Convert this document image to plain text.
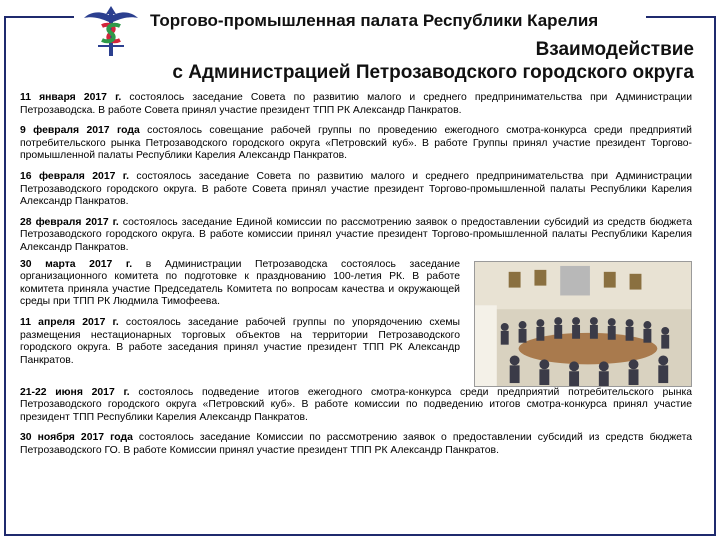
Торгово-промышленная палата Республики Карелия
Взаимодействие
с Администрацией Петрозаводского городского округа

11 января 2017 г. состоялось заседание Совета по развитию малого и среднего предпринимательства при Администрации Петрозаводска. В работе Совета принял участие президент ТПП РК Александр Панкратов.

9 февраля 2017 года состоялось совещание рабочей группы по проведению ежегодного смотра-конкурса среди предприятий потребительского рынка Петрозаводского городского округа «Петровский куб». В работе Группы принял участие президент Торгово-промышленной палаты Республики Карелия Александр Панкратов.

16 февраля 2017 г. состоялось заседание Совета по развитию малого и среднего предпринимательства при Администрации Петрозаводского городского округа. В работе Совета принял участие президент Торгово-промышленной палаты Республики Карелия Александр Панкратов.

28 февраля 2017 г. состоялось заседание Единой комиссии по рассмотрению заявок о предоставлении субсидий из средств бюджета Петрозаводского городского округа. В работе комиссии принял участие президент Торгово-промышленной палаты Республики Карелия Александр Панкратов.

30 марта 2017 г. в Администрации Петрозаводска состоялось заседание организационного комитета по подготовке к празднованию 100-летия РК. В работе комитета приняла участие Председатель Комитета по вопросам качества и окружающей среды при ТПП РК Людмила Тимофеева.

11 апреля 2017 г. состоялось заседание рабочей группы по упорядочению схемы размещения нестационарных торговых объектов на территории Петрозаводского городского округа. В работе заседания принял участие президент ТПП РК Александр Панкратов.

21-22 июня 2017 г. состоялось подведение итогов ежегодного смотра-конкурса среди предприятий потребительского рынка Петрозаводского городского округа «Петровский куб». В работе комиссии по подведению итогов смотра-конкурса принял участие президент ТПП Республики Карелия Александр Панкратов.

30 ноября 2017 года состоялось заседание Комиссии по рассмотрению заявок о предоставлении субсидий из средств бюджета Петрозаводского ГО. В работе Комиссии принял участие президент ТПП РК Александр Панкратов.
